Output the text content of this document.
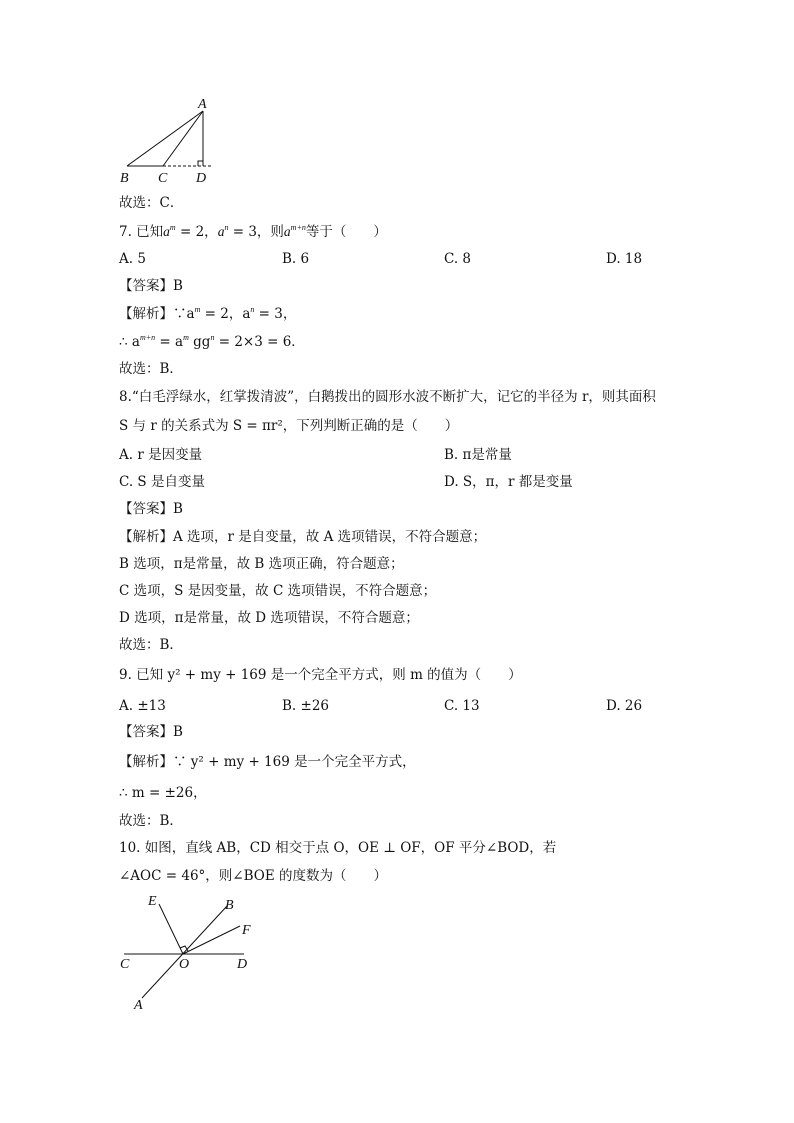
A
B C D
故选：C．
7. 已知$a^m = 2$，$a^n = 3$，则$a^{m+n}$等于（　　）
A. 5	B. 6	C. 8	D. 18
【答案】B
【解析】$\because a^m = 2$，$a^n = 3$，
∴ $a^{m+n} = a^m$ $gg^n = 2\times 3 = 6$．
故选：B．
8.“白毛浮绿水，红掌拨清波”，白鹅拨出的圆形水波不断扩大，记它的半径为 r，则其面积
S 与 r 的关系式为 S = πr²，下列判断正确的是（　　）
A. r 是因变量	B. π是常量
C. S 是自变量	D. S，π，r 都是变量
【答案】B
【解析】A 选项，r 是自变量，故 A 选项错误，不符合题意；
B 选项，π是常量，故 B 选项正确，符合题意；
C 选项，S 是因变量，故 C 选项错误，不符合题意；
D 选项，π是常量，故 D 选项错误，不符合题意；
故选：B．
9. 已知 y² + my + 169 是一个完全平方式，则 m 的值为（　　）
A. ±13	B. ±26	C. 13	D. 26
【答案】B
【解析】∵ y² + my + 169 是一个完全平方式，
∴ m = ±26，
故选：B．
10. 如图，直线 AB，CD 相交于点 O，OE ⊥ OF，OF 平分∠BOD，若
∠AOC = 46°，则∠BOE 的度数为（　　）
E	B
F
C	O	D
A
